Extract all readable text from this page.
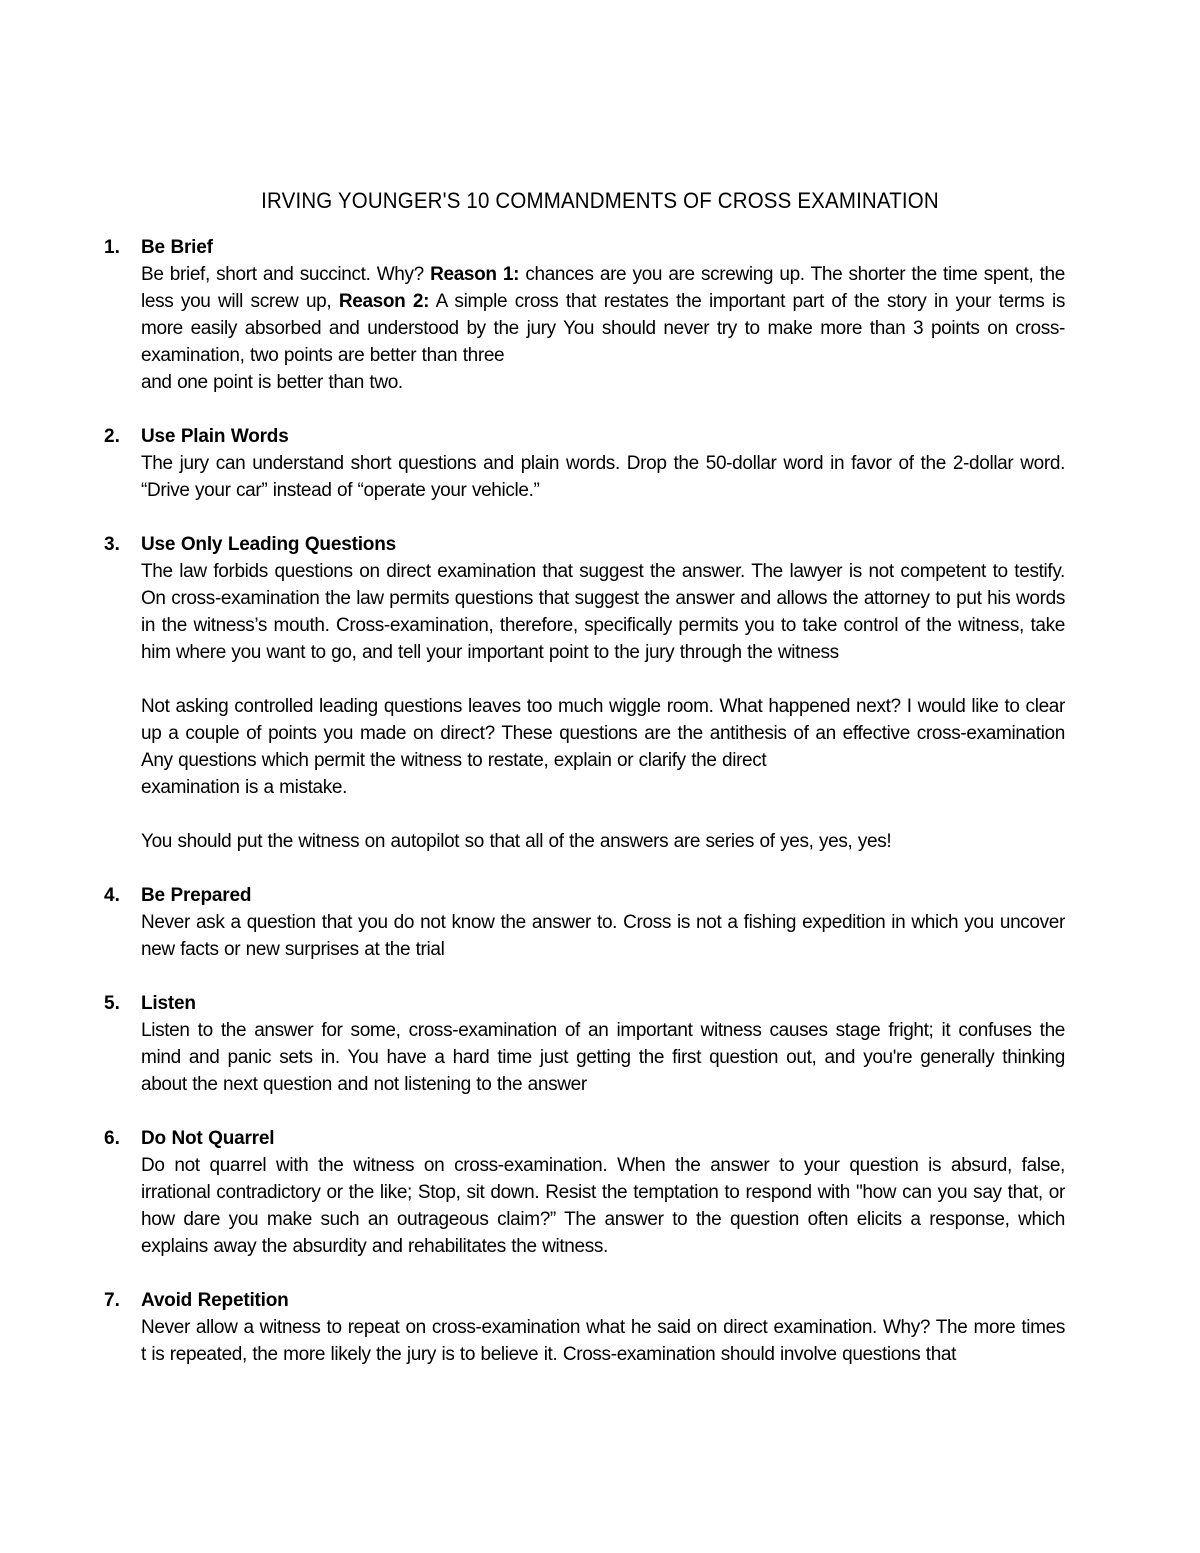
IRVING YOUNGER'S 10 COMMANDMENTS OF CROSS EXAMINATION
1. Be Brief

Be brief, short and succinct. Why? Reason 1: chances are you are screwing up. The shorter the time spent, the less you will screw up, Reason 2: A simple cross that restates the important part of the story in your terms is more easily absorbed and understood by the jury You should never try to make more than 3 points on cross-examination, two points are better than three
and one point is better than two.

2. Use Plain Words

The jury can understand short questions and plain words. Drop the 50-dollar word in favor of the 2-dollar word. “Drive your car” instead of “operate your vehicle.”

3. Use Only Leading Questions

The law forbids questions on direct examination that suggest the answer. The lawyer is not competent to testify. On cross-examination the law permits questions that suggest the answer and allows the attorney to put his words in the witness’s mouth. Cross-examination, therefore, specifically permits you to take control of the witness, take him where you want to go, and tell your important point to the jury through the witness

Not asking controlled leading questions leaves too much wiggle room. What happened next? I would like to clear up a couple of points you made on direct? These questions are the antithesis of an effective cross-examination Any questions which permit the witness to restate, explain or clarify the direct
examination is a mistake.

You should put the witness on autopilot so that all of the answers are series of yes, yes, yes!

4. Be Prepared

Never ask a question that you do not know the answer to. Cross is not a fishing expedition in which you uncover new facts or new surprises at the trial

5. Listen

Listen to the answer for some, cross-examination of an important witness causes stage fright; it confuses the mind and panic sets in. You have a hard time just getting the first question out, and you're generally thinking about the next question and not listening to the answer

6. Do Not Quarrel

Do not quarrel with the witness on cross-examination. When the answer to your question is absurd, false, irrational contradictory or the like; Stop, sit down. Resist the temptation to respond with "how can you say that, or how dare you make such an outrageous claim?” The answer to the question often elicits a response, which explains away the absurdity and rehabilitates the witness.

7. Avoid Repetition

Never allow a witness to repeat on cross-examination what he said on direct examination. Why? The more times t is repeated, the more likely the jury is to believe it. Cross-examination should involve questions that
